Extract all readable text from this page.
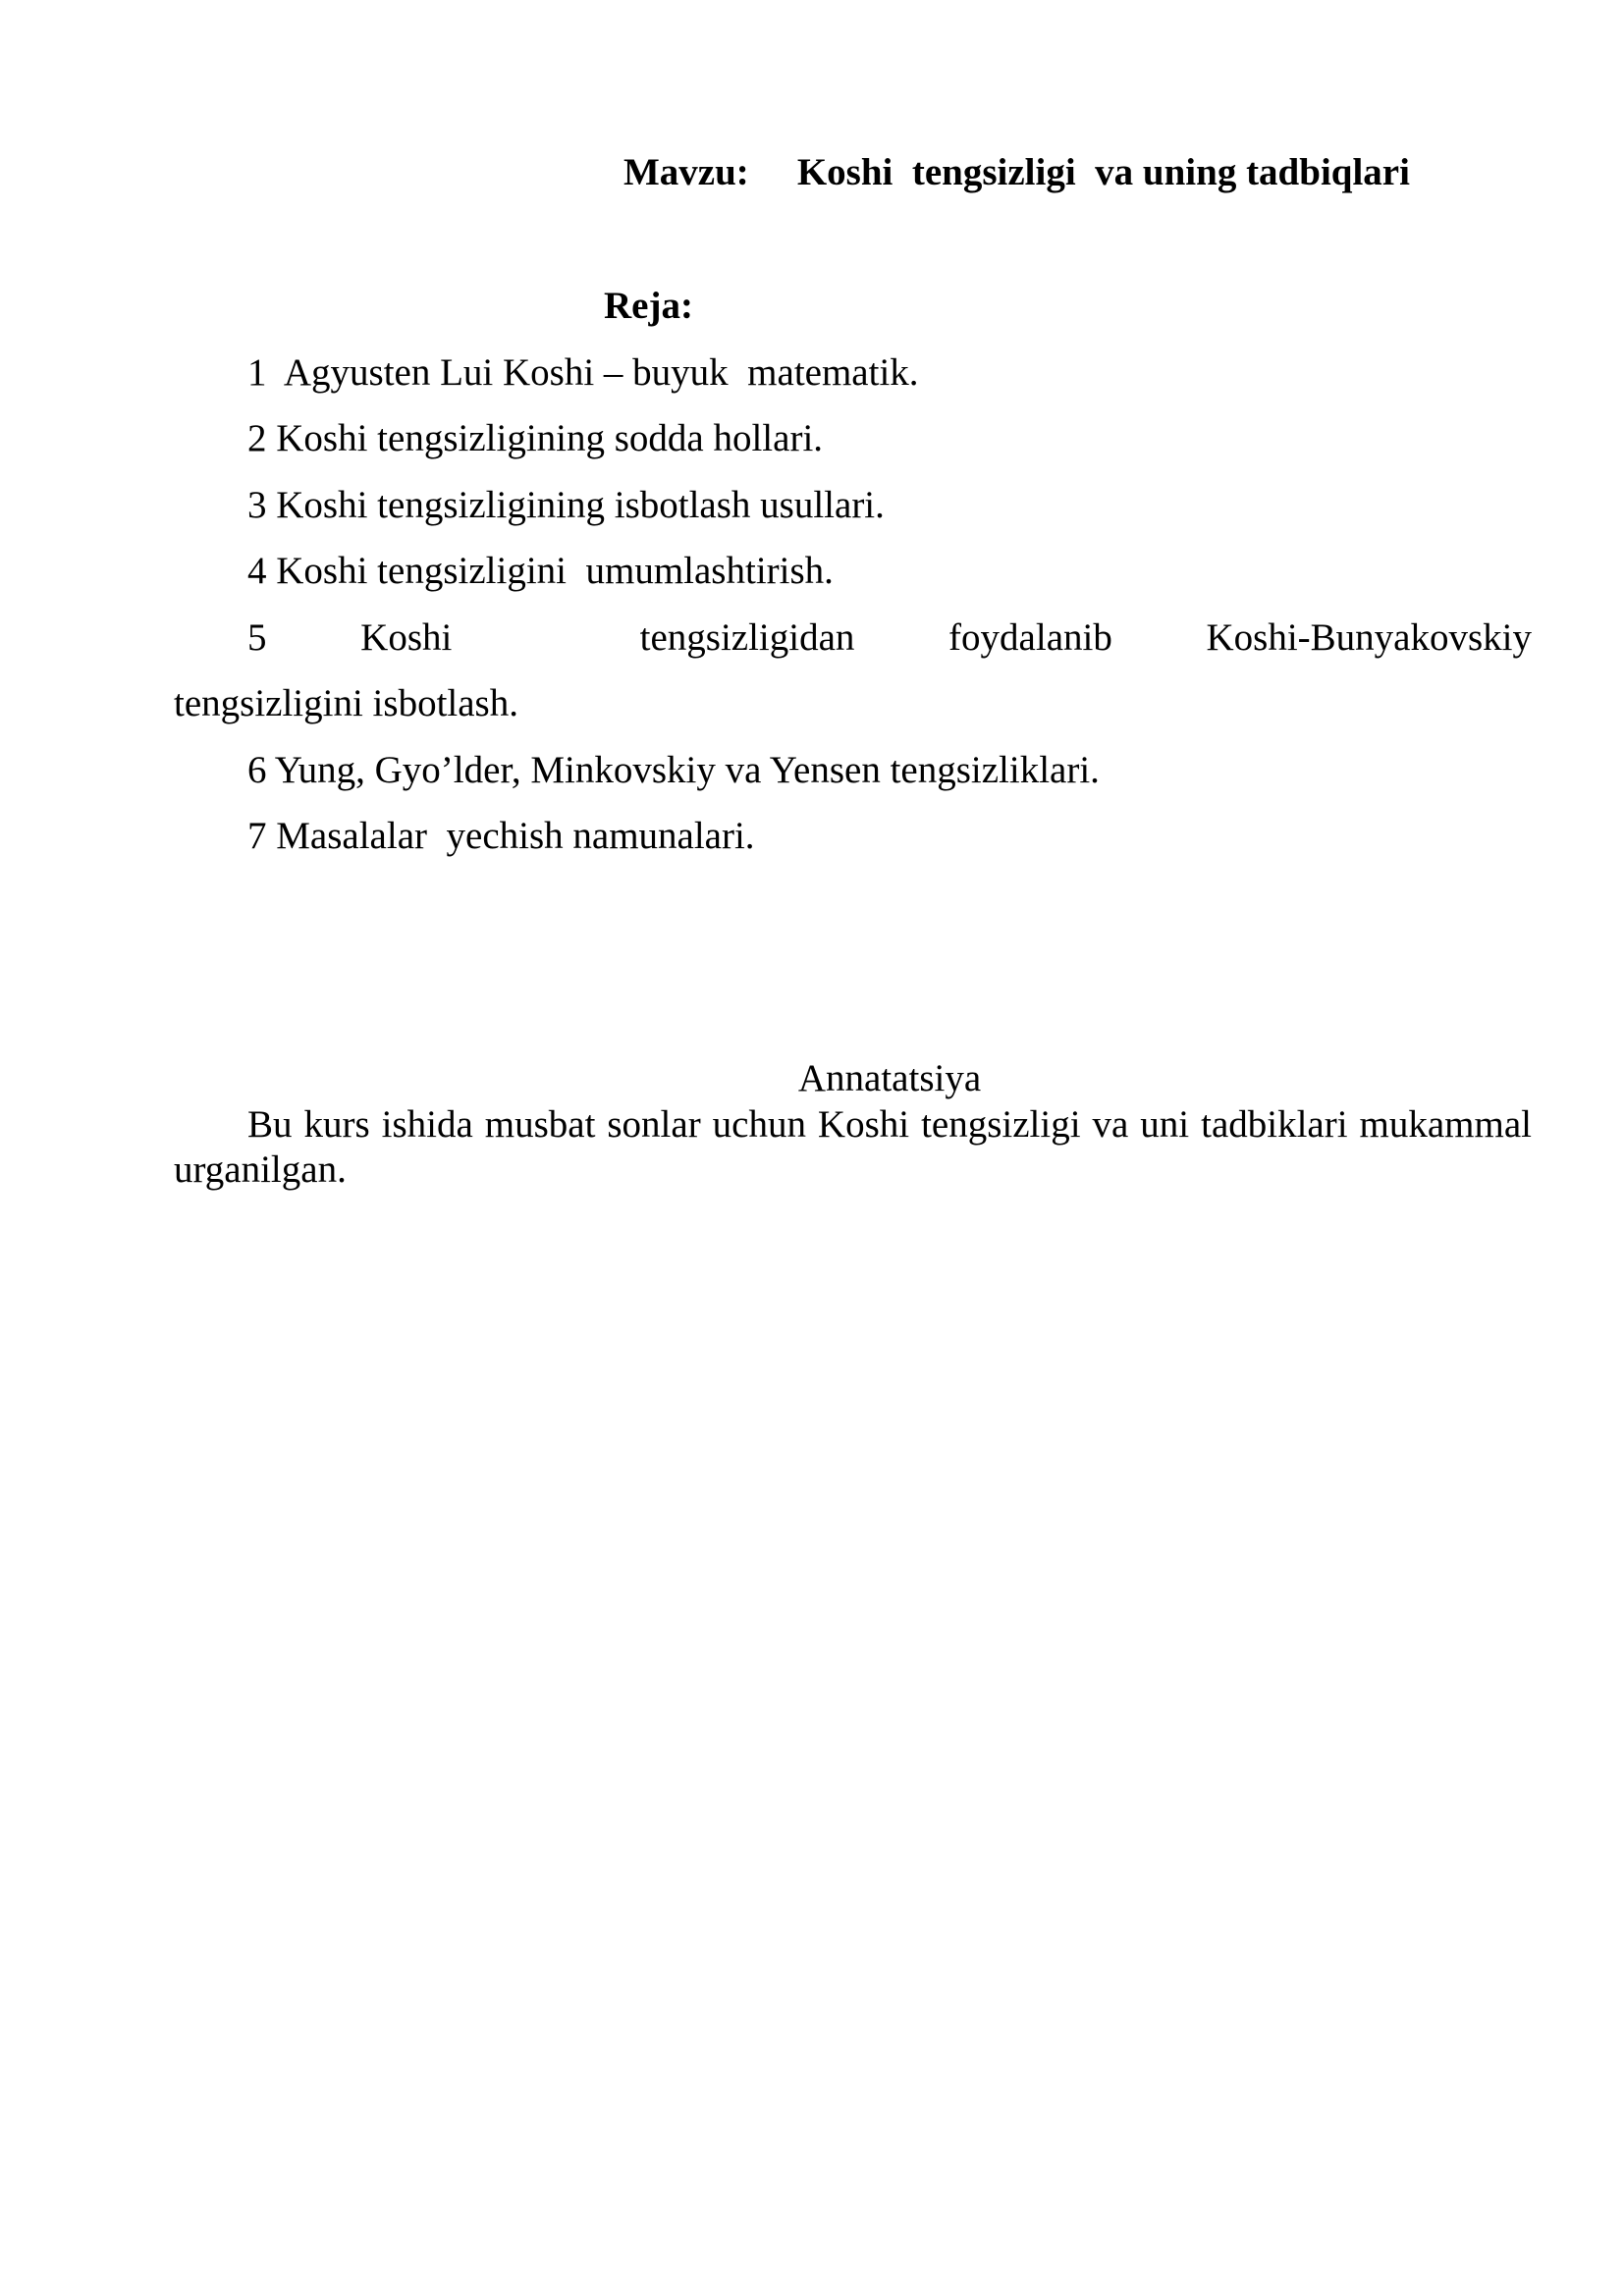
Mavzu: Koshi  tengsizligi  va uning tadbiqlari
Reja:
1  Agyusten Lui Koshi – buyuk  matematik.
2 Koshi tengsizligining sodda hollari.
3 Koshi tengsizligining isbotlash usullari.
4 Koshi tengsizligini  umumlashtirish.
5 Koshi  tengsizligidan foydalanib Koshi-Bunyakovskiy
tengsizligini isbotlash.
6 Yung, Gyo’lder, Minkovskiy va Yensen tengsizliklari.
7 Masalalar  yechish namunalari.
Annatatsiya
Bu kurs ishida musbat sonlar uchun Koshi tengsizligi va uni tadbiklari mukammal urganilgan.
